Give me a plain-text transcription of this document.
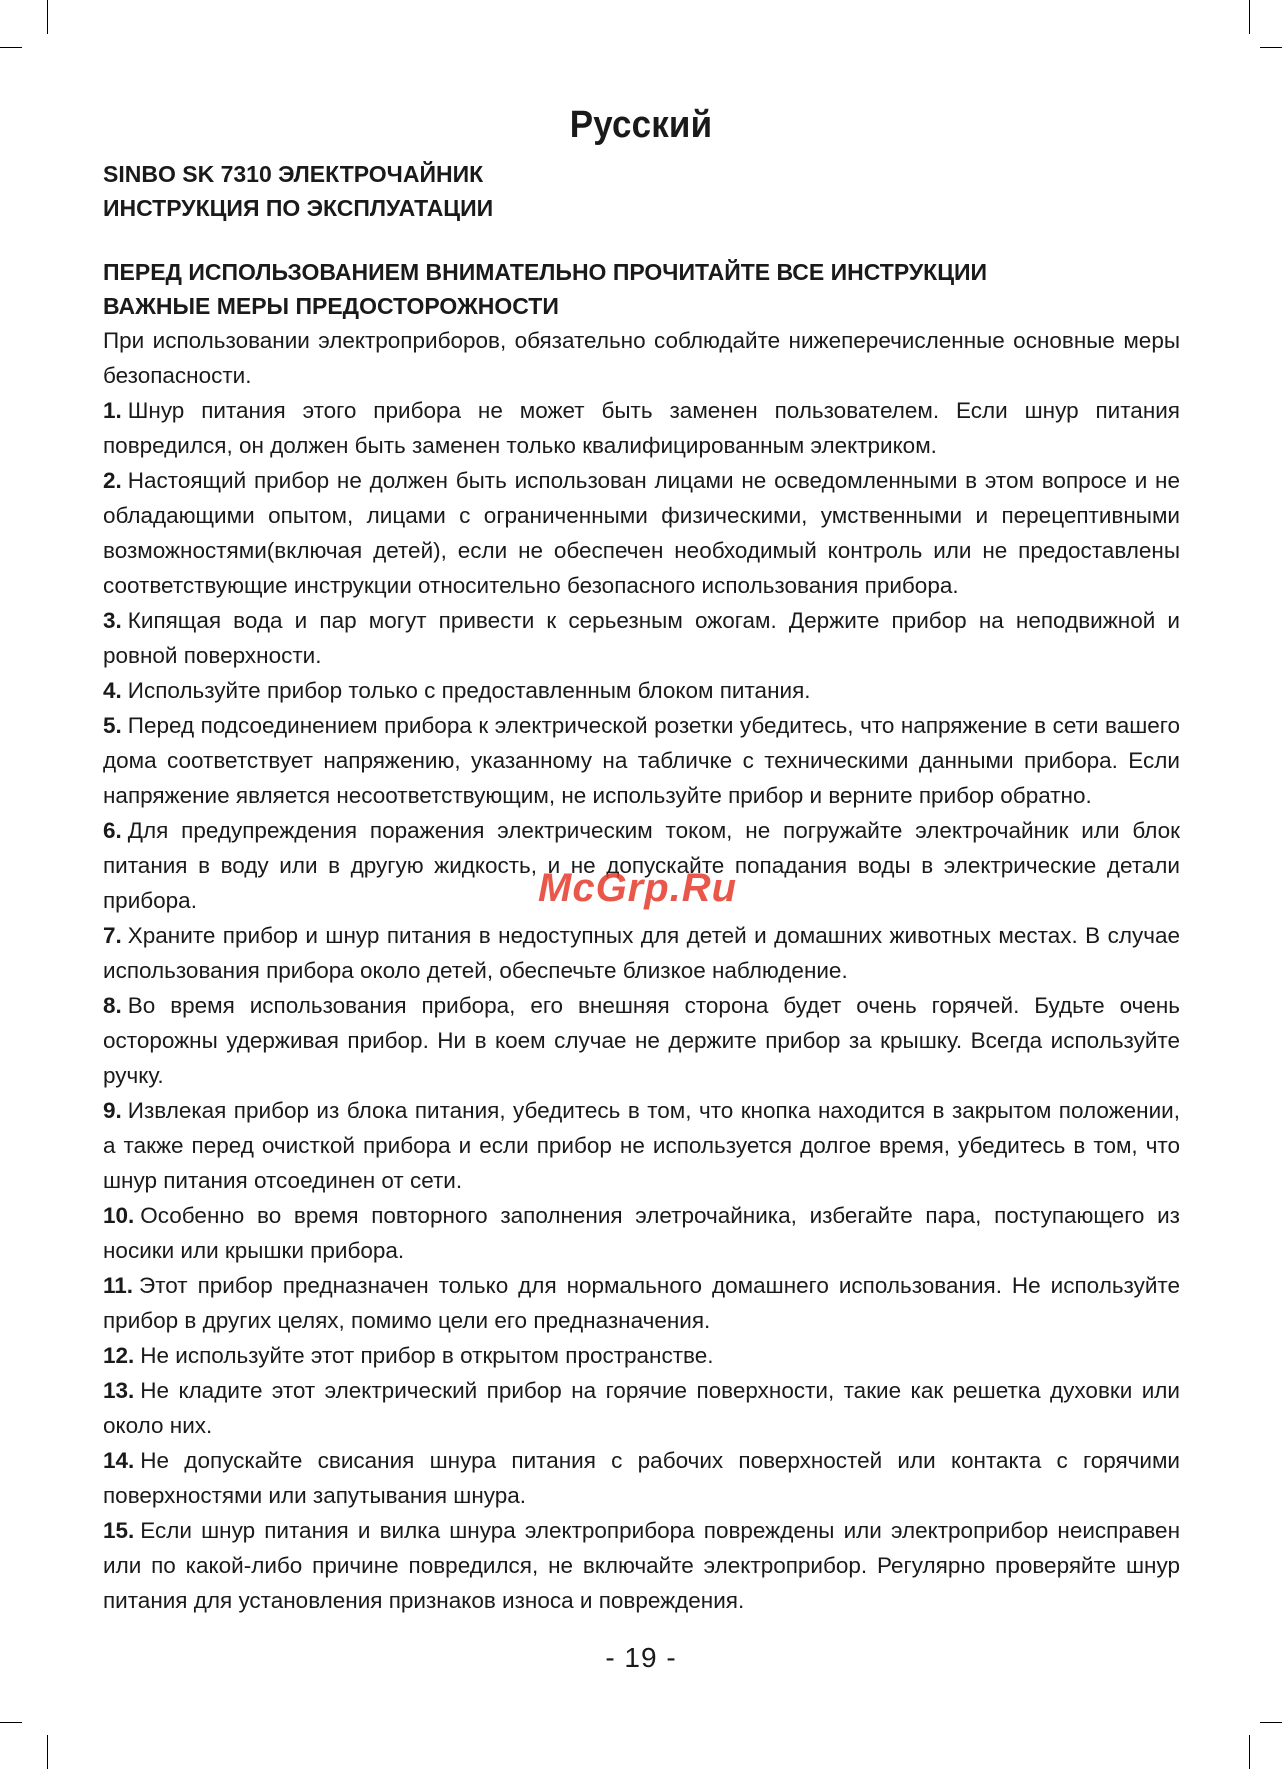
Русский
SINBO SK 7310 ЭЛЕКТРОЧАЙНИК
ИНСТРУКЦИЯ ПО ЭКСПЛУАТАЦИИ
ПЕРЕД ИСПОЛЬЗОВАНИЕМ ВНИМАТЕЛЬНО ПРОЧИТАЙТЕ ВСЕ ИНСТРУКЦИИ
ВАЖНЫЕ МЕРЫ ПРЕДОСТОРОЖНОСТИ
При использовании электроприборов, обязательно соблюдайте нижеперечисленные основные меры безопасности.
1. Шнур питания этого прибора не может быть заменен пользователем. Если шнур питания повредился, он должен быть заменен только квалифицированным электриком.
2. Настоящий прибор не должен быть использован лицами не осведомленными в этом вопросе и не обладающими опытом, лицами с ограниченными физическими, умственными и перецептивными возможностями(включая детей), если не обеспечен необходимый контроль или не предоставлены соответствующие инструкции относительно безопасного использования прибора.
3. Кипящая вода и пар могут привести к серьезным ожогам. Держите прибор на неподвижной и ровной поверхности.
4. Используйте прибор только с предоставленным блоком питания.
5. Перед подсоединением прибора к электрической розетки убедитесь, что напряжение в сети вашего дома соответствует напряжению, указанному на табличке с техническими данными прибора. Если напряжение является несоответствующим, не используйте прибор и верните прибор обратно.
6. Для предупреждения поражения электрическим током, не погружайте электрочайник или блок питания в воду или в другую жидкость, и не допускайте попадания воды в электрические детали прибора.
7. Храните прибор и шнур питания в недоступных для детей и домашних животных местах. В случае использования прибора около детей, обеспечьте близкое наблюдение.
8. Во время использования прибора, его внешняя сторона будет очень горячей. Будьте очень осторожны удерживая прибор. Ни в коем случае не держите прибор за крышку. Всегда используйте ручку.
9. Извлекая прибор из блока питания, убедитесь в том, что кнопка находится в закрытом положении, а также перед очисткой прибора и если прибор не используется долгое время, убедитесь в том, что шнур питания отсоединен от сети.
10. Особенно во время повторного заполнения элетрочайника, избегайте пара, поступающего из носики или крышки прибора.
11. Этот прибор предназначен только для нормального домашнего использования. Не используйте прибор в других целях, помимо цели его предназначения.
12. Не используйте этот прибор в открытом пространстве.
13. Не кладите этот электрический прибор на горячие поверхности, такие как решетка духовки или около них.
14. Не допускайте свисания шнура питания с рабочих поверхностей или контакта с горячими поверхностями или запутывания шнура.
15. Если шнур питания и вилка шнура электроприбора повреждены или электроприбор неисправен или по какой-либо причине повредился, не включайте электроприбор. Регулярно проверяйте шнур питания для установления признаков износа и повреждения.
McGrp.Ru
- 19 -
